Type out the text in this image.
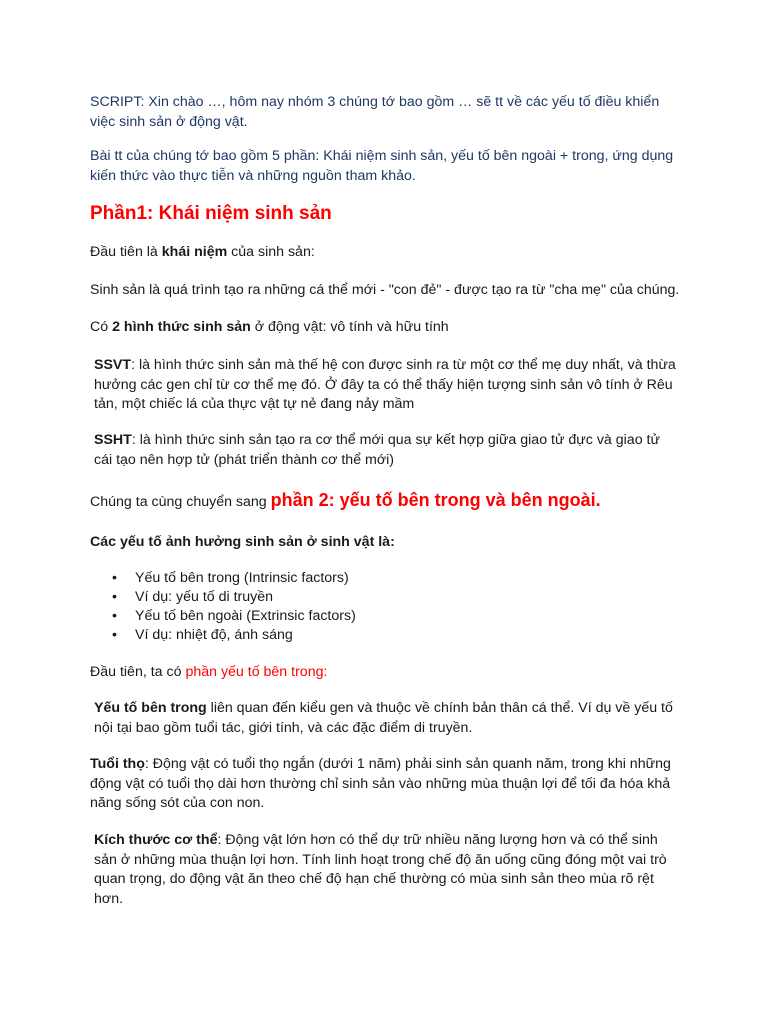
SCRIPT: Xin chào …, hôm nay nhóm 3 chúng tớ bao gồm … sẽ tt về các yếu tố điều khiển việc sinh sản ở động vật.

Bài tt của chúng tớ bao gồm 5 phần: Khái niệm sinh sản, yếu tố bên ngoài + trong, ứng dụng kiến thức vào thực tiễn và những nguồn tham khảo.

Phần1: Khái niệm sinh sản

Đầu tiên là khái niệm của sinh sản:

Sinh sản là quá trình tạo ra những cá thể mới - "con đẻ" - được tạo ra từ "cha mẹ" của chúng.

Có 2 hình thức sinh sản ở động vật: vô tính và hữu tính

SSVT: là hình thức sinh sản mà thế hệ con được sinh ra từ một cơ thể mẹ duy nhất, và thừa hưởng các gen chỉ từ cơ thể mẹ đó. Ở đây ta có thể thấy hiện tượng sinh sản vô tính ở Rêu tản, một chiếc lá của thực vật tự nẻ đang nảy mầm

SSHT: là hình thức sinh sản tạo ra cơ thể mới qua sự kết hợp giữa giao tử đực và giao tử cái tạo nên hợp tử (phát triển thành cơ thể mới)

Chúng ta cùng chuyển sang phần 2: yếu tố bên trong và bên ngoài.

Các yếu tố ảnh hưởng sinh sản ở sinh vật là:

• Yếu tố bên trong (Intrinsic factors)
• Ví dụ: yếu tố di truyền
• Yếu tố bên ngoài (Extrinsic factors)
• Ví dụ: nhiệt độ, ánh sáng

Đầu tiên, ta có phần yếu tố bên trong:

Yếu tố bên trong liên quan đến kiểu gen và thuộc về chính bản thân cá thể. Ví dụ về yếu tố nội tại bao gồm tuổi tác, giới tính, và các đặc điểm di truyền.

Tuổi thọ: Động vật có tuổi thọ ngắn (dưới 1 năm) phải sinh sản quanh năm, trong khi những động vật có tuổi thọ dài hơn thường chỉ sinh sản vào những mùa thuận lợi để tối đa hóa khả năng sống sót của con non.

Kích thước cơ thể: Động vật lớn hơn có thể dự trữ nhiều năng lượng hơn và có thể sinh sản ở những mùa thuận lợi hơn. Tính linh hoạt trong chế độ ăn uống cũng đóng một vai trò quan trọng, do động vật ăn theo chế độ hạn chế thường có mùa sinh sản theo mùa rõ rệt hơn.
